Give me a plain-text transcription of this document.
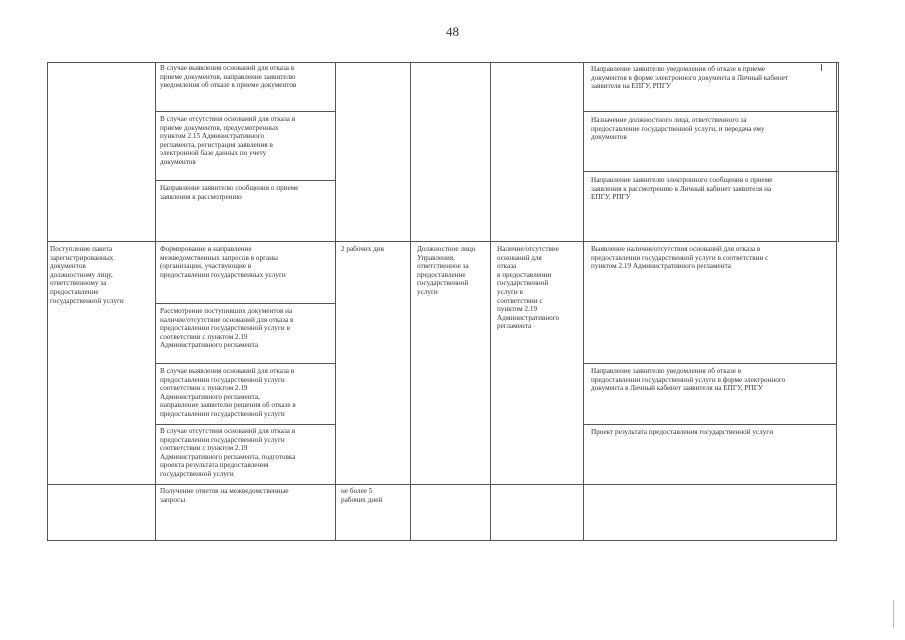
48
В случае выявления оснований для отказа в
приеме документов, направление заявителю
уведомления об отказе в приеме документов
В случае отсутствия оснований для отказа в
приеме документов, предусмотренных
пунктом 2.15 Административного
регламента, регистрация заявления в
электронной базе данных по учету
документов
Направление заявителю сообщения о приеме
заявления к рассмотрению
Направление заявителю уведомления об отказе в приеме
документов в форме электронного документа в Личный кабинет
заявителя на ЕПГУ, РПГУ
Назначение должностного лица, ответственного за
предоставление государственной услуги, и передача ему
документов
Направление заявителю электронного сообщения о приеме
заявления к рассмотрению в Личный кабинет заявителя на
ЕПГУ, РПГУ
Поступление пакета
зарегистрированных
документов
должностному лицу,
ответственному за
предоставление
государственной услуги
Формирование и направление
межведомственных запросов в органы
(организации, участвующие в
предоставлении государственных услуги
Рассмотрение поступивших документов на
наличие/отсутствие оснований для отказа в
предоставлении государственной услуги в
соответствии с пунктом 2.19
Административного регламента
В случае выявления оснований для отказа в
предоставлении государственной услуги
соответствии с пунктом 2.19
Административного регламента,
направление заявителю решения об отказе в
предоставлении государственной услуги
В случае отсутствия оснований для отказа в
предоставлении государственной услуги
соответствии с пунктом 2.19
Административного регламента, подготовка
проекта результата предоставления
государственной услуги
2 рабочих дня	Должностное лицо
Управления,
ответственное за
предоставление
государственной
услуги
Наличие/отсутствие
оснований для
отказа
в предоставлении
государственной
услуги в
соответствии с
пунктом 2.19
Административного
регламента
Выявление наличия/отсутствия оснований для отказа в
предоставлении государственной услуги в соответствии с
пунктом 2.19 Административного регламента
Направление заявителю уведомления об отказе в
предоставлении государственной услуги в форме электронного
документа в Личный кабинет заявителя на ЕПГУ, РПГУ
Проект результата предоставления государственной услуги
Получение ответов на межведомственные
запросы
не более 5
рабочих дней
